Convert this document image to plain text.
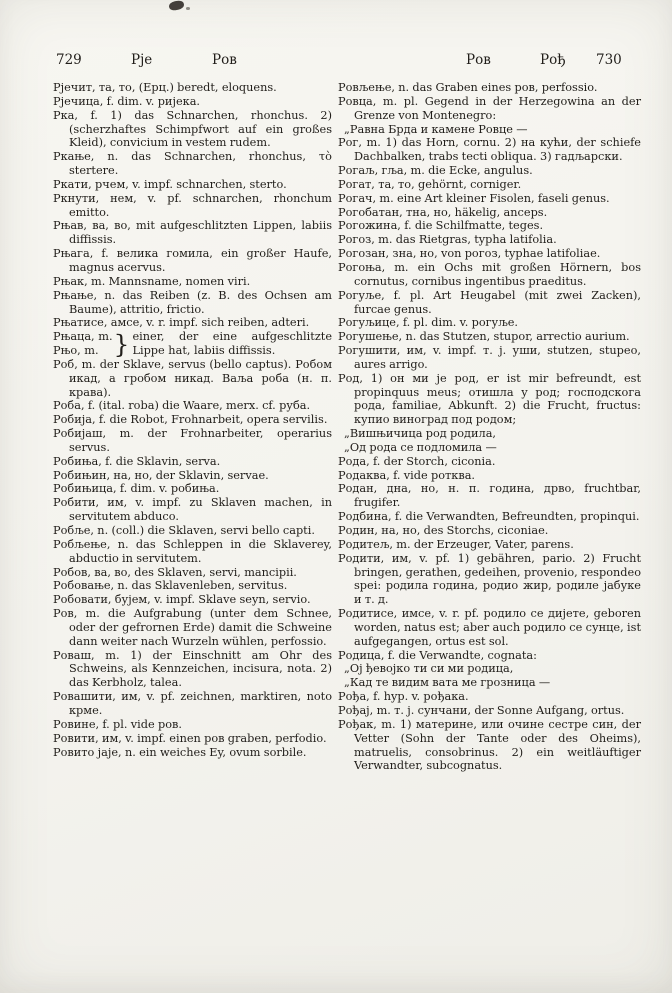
729	Рје	Ров	Ров	Рођ 730

Рјечит, та, то, (Ерц.) beredt, eloquens.

Рјечица, f. dim. v. ријека.

Рка, f. 1) das Schnarchen, rhonchus. 2) (scherzhaftes Schimpfwort auf ein großes Kleid), convicium in vestem rudem.

Ркање, n. das Schnarchen, rhonchus, τὸ stertere.

Ркати, рчем, v. impf. schnarchen, sterto.

Ркнути, нем, v. pf. schnarchen, rhonchum emitto.

Рњав, ва, во, mit aufgeschlitzten Lippen, labiis diffissis.

Рњага, f. велика гомила, ein großer Haufe, magnus acervus.

Рњак, m. Mannsname, nomen viri.

Рњање, n. das Reiben (z. B. des Ochsen am Baume), attritio, frictio.

Рњатисе, амсе, v. r. impf. sich reiben, adteri.

Рњаца, m.
Рњо, m. } einer, der eine aufgeschlitzte Lippe hat, labiis diffissis.

Роб, m. der Sklave, servus (bello captus). Робом икад, а гробом никад. Ваља роба (н. п. крава).

Роба, f. (ital. roba) die Waare, merx. cf. руба.

Робија, f. die Robot, Frohnarbeit, opera servilis.

Робијаш, m. der Frohnarbeiter, operarius servus.

Робиња, f. die Sklavin, serva.

Робињин, на, но, der Sklavin, servae.

Робињица, f. dim. v. робиња.

Робити, им, v. impf. zu Sklaven machen, in servitutem abduco.

Робље, n. (coll.) die Sklaven, servi bello capti.

Робљење, n. das Schleppen in die Sklaverey, abductio in servitutem.

Робов, ва, во, des Sklaven, servi, mancipii.

Робовање, n. das Sklavenleben, servitus.

Робовати, бујем, v. impf. Sklave seyn, servio.

Ров, m. die Aufgrabung (unter dem Schnee, oder der gefrornen Erde) damit die Schweine dann weiter nach Wurzeln wühlen, perfossio.

Роваш, m. 1) der Einschnitt am Ohr des Schweins, als Kennzeichen, incisura, nota. 2) das Kerbholz, talea.

Ровашити, им, v. pf. zeichnen, marktiren, noto крме.

Ровине, f. pl. vide ров.

Ровити, им, v. impf. einen ров graben, perfodio.

Ровито јаје, n. ein weiches Ey, ovum sorbile.

Ровљење, n. das Graben eines ров, perfossio.

Ровца, m. pl. Gegend in der Herzegowina an der Grenze von Montenegro:

„Равна Брда и камене Ровце —

Рог, m. 1) das Horn, cornu. 2) на кући, der schiefe Dachbalken, trabs tecti obliqua. 3) гадљарски.

Рогаљ, гља, m. die Ecke, angulus.

Рогат, та, то, gehörnt, corniger.

Рогач, m. eine Art kleiner Fisolen, faseli genus.

Рогобатан, тна, но, häkelig, anceps.

Рогожина, f. die Schilfmatte, teges.

Рогоз, m. das Rietgras, typha latifolia.

Рогозан, зна, но, von рогоз, typhae latifoliae.

Рогоња, m. ein Ochs mit großen Hörnern, bos cornutus, cornibus ingentibus praeditus.

Рогуље, f. pl. Art Heugabel (mit zwei Zacken), furcae genus.

Рогуљице, f. pl. dim. v. рогуље.

Рогушење, n. das Stutzen, stupor, arrectio aurium.

Рогушити, им, v. impf. т. ј. уши, stutzen, stupeo, aures arrigo.

Род, 1) он ми је род, er ist mir befreundt, est propinquus meus; отишла у род; господскога рода, familiae, Abkunft. 2) die Frucht, fructus: купио виноград под родом;

„Вишњичица род родила,

„Од рода се подломила —

Рода, f. der Storch, ciconia.

Родаква, f. vide ротква.

Родан, дна, но, н. п. година, дрво, fruchtbar, frugifer.

Родбина, f. die Verwandten, Befreundten, propinqui.

Родин, на, но, des Storchs, ciconiae.

Родитељ, m. der Erzeuger, Vater, parens.

Родити, им, v. pf. 1) gebähren, pario. 2) Frucht bringen, gerathen, gedeihen, provenio, respondeo spei: родила година, родио жир, родиле јабуке и т. д.

Родитисе, имсе, v. r. pf. родило се дијете, geboren worden, natus est; aber auch родило се сунце, ist aufgegangen, ortus est sol.

Родица, f. die Verwandte, cognata:

„Ој ђевојко ти си ми родица,

„Кад те видим вата ме грозница —

Рођа, f. hyp. v. рођака.

Рођај, m. т. ј. сунчани, der Sonne Aufgang, ortus.

Рођак, m. 1) материне, или очине сестре син, der Vetter (Sohn der Tante oder des Oheims), matruelis, consobrinus. 2) ein weitläuftiger Verwandter, subcognatus.
